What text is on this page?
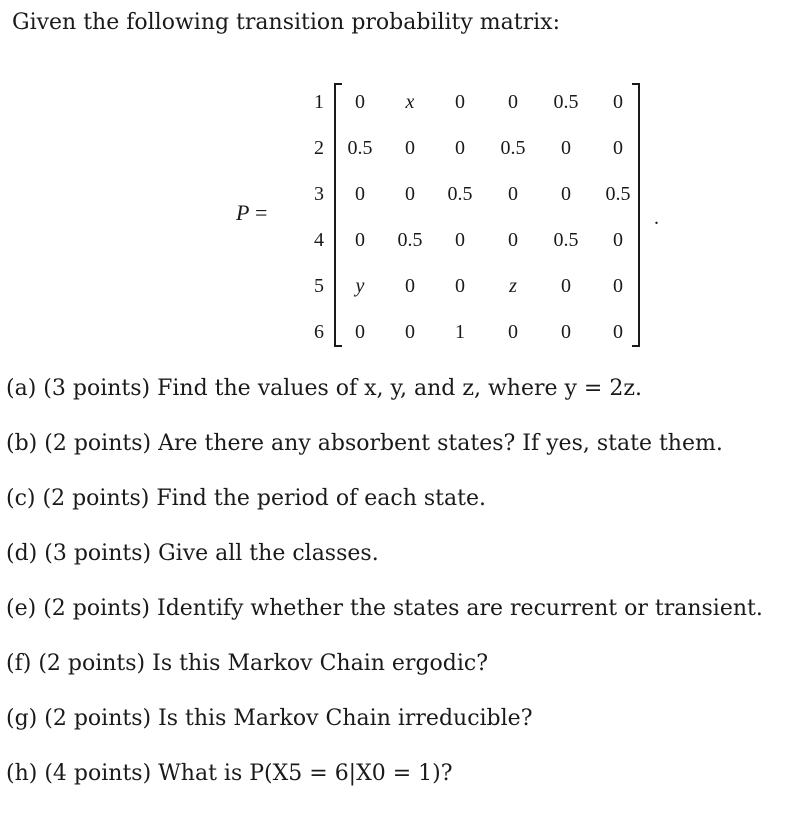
Given the following transition probability matrix:
P =
1
2
3
4
5
6
0	x	0	0	0.5	0
0.5	0	0	0.5	0	0
0	0	0.5	0	0	0.5
0	0.5	0	0	0.5	0
y	0	0	z	0	0
0	0	1	0	0	0
.
(a) (3 points) Find the values of x, y, and z, where y = 2z.
(b) (2 points) Are there any absorbent states? If yes, state them.
(c) (2 points) Find the period of each state.
(d) (3 points) Give all the classes.
(e) (2 points) Identify whether the states are recurrent or transient.
(f) (2 points) Is this Markov Chain ergodic?
(g) (2 points) Is this Markov Chain irreducible?
(h) (4 points) What is P(X5 = 6|X0 = 1)?
